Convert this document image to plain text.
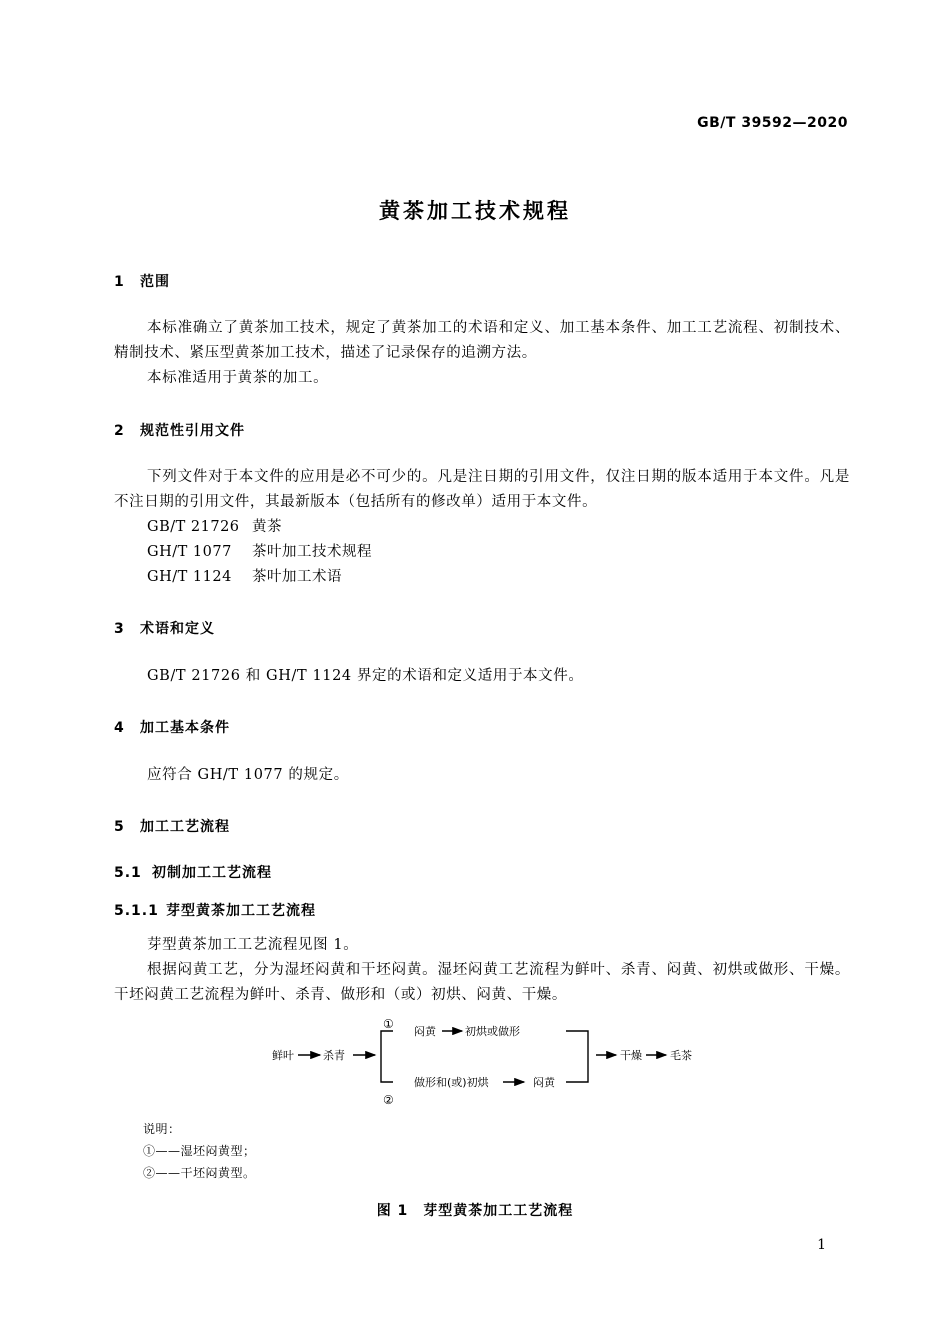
GB/T 39592—2020
黄茶加工技术规程
1 范围
本标准确立了黄茶加工技术，规定了黄茶加工的术语和定义、加工基本条件、加工工艺流程、初制技术、精制技术、紧压型黄茶加工技术，描述了记录保存的追溯方法。
本标准适用于黄茶的加工。
2 规范性引用文件
下列文件对于本文件的应用是必不可少的。凡是注日期的引用文件，仅注日期的版本适用于本文件。凡是不注日期的引用文件，其最新版本（包括所有的修改单）适用于本文件。
GB/T 21726 黄茶
GH/T 1077 茶叶加工技术规程
GH/T 1124 茶叶加工术语
3 术语和定义
GB/T 21726 和 GH/T 1124 界定的术语和定义适用于本文件。
4 加工基本条件
应符合 GH/T 1077 的规定。
5 加工工艺流程
5.1 初制加工工艺流程
5.1.1 芽型黄茶加工工艺流程
芽型黄茶加工工艺流程见图 1。
根据闷黄工艺，分为湿坯闷黄和干坯闷黄。湿坯闷黄工艺流程为鲜叶、杀青、闷黄、初烘或做形、干燥。干坯闷黄工艺流程为鲜叶、杀青、做形和（或）初烘、闷黄、干燥。
鲜叶	杀青
①
②
闷黄	初烘或做形
做形和(或)初烘	闷黄
干燥	毛茶
说明：
①——湿坯闷黄型；
②——干坯闷黄型。
图 1　芽型黄茶加工工艺流程
1
